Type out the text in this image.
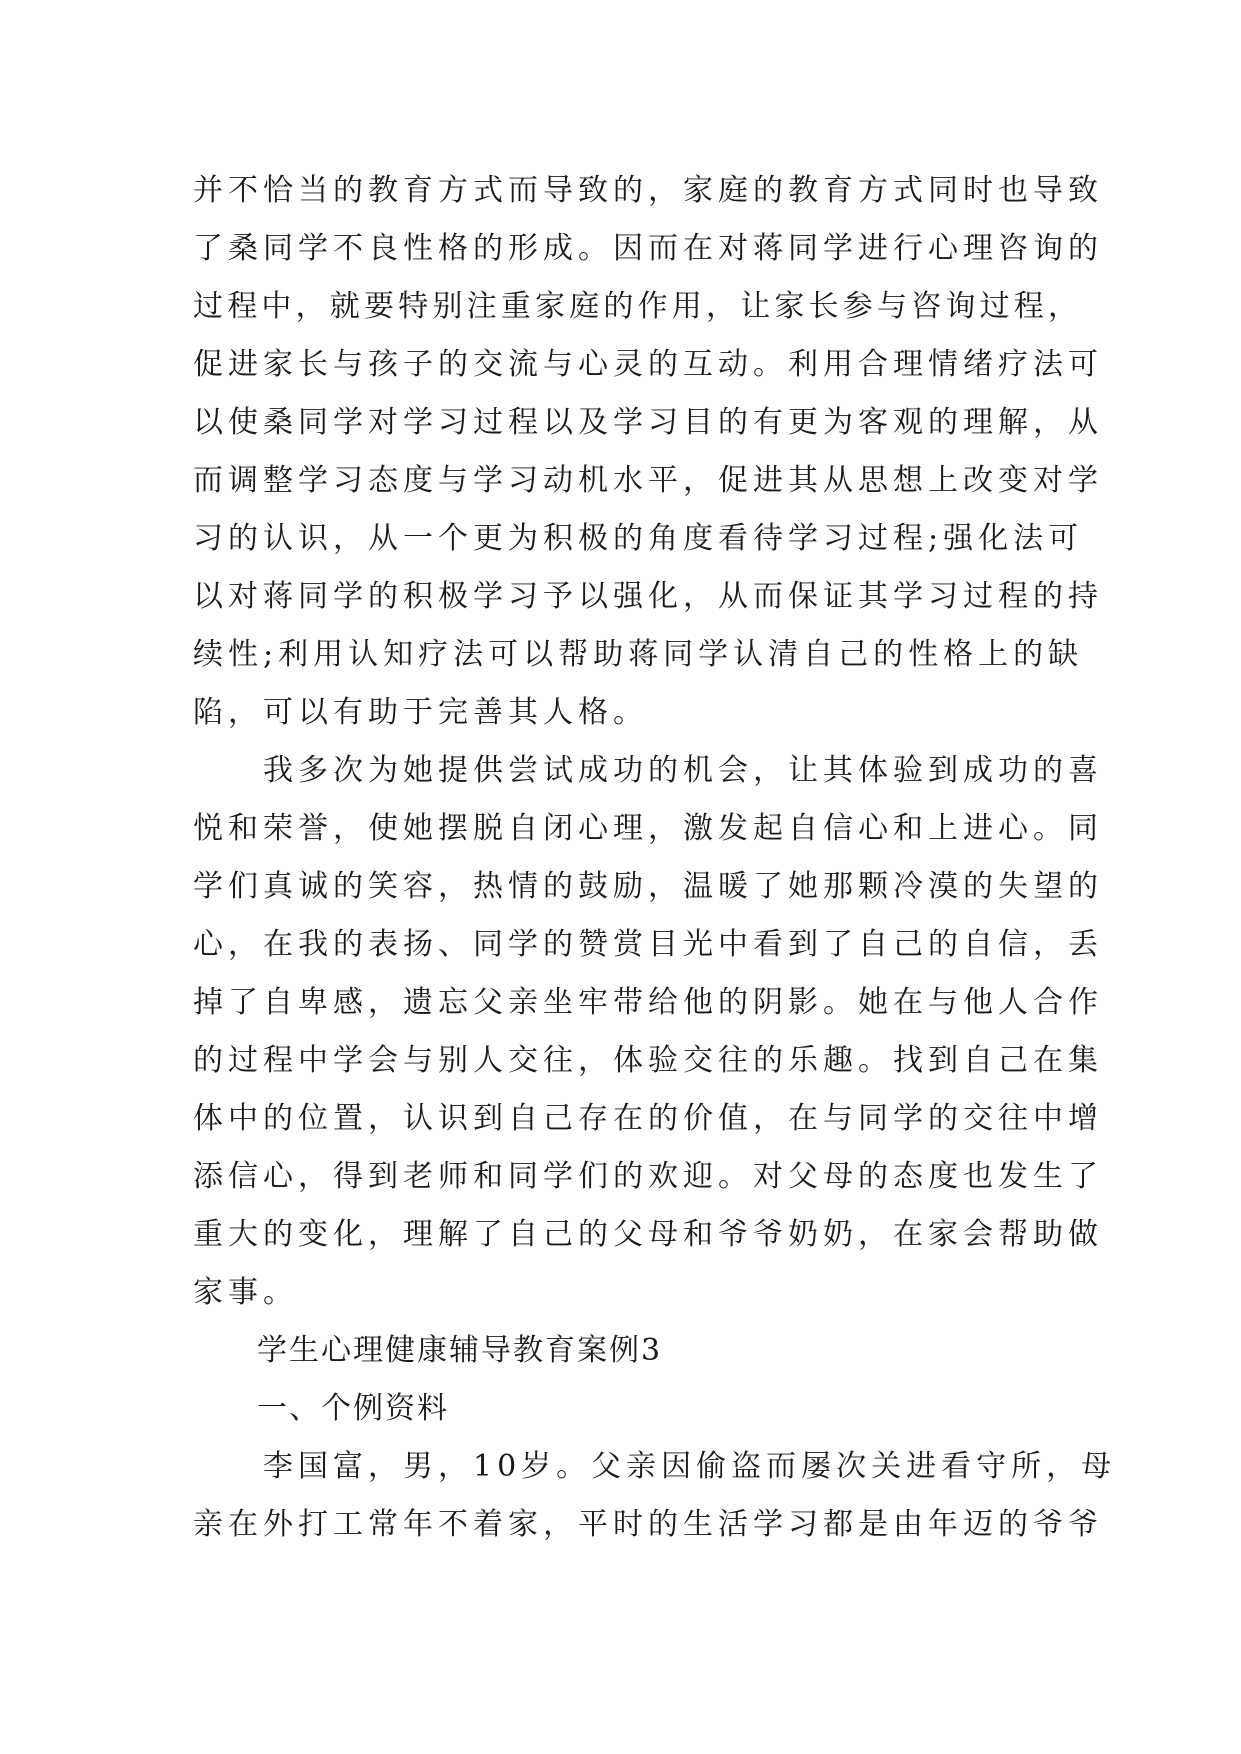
并不恰当的教育方式而导致的，家庭的教育方式同时也导致
了桑同学不良性格的形成。因而在对蒋同学进行心理咨询的
过程中，就要特别注重家庭的作用，让家长参与咨询过程，
促进家长与孩子的交流与心灵的互动。利用合理情绪疗法可
以使桑同学对学习过程以及学习目的有更为客观的理解，从
而调整学习态度与学习动机水平，促进其从思想上改变对学
习的认识，从一个更为积极的角度看待学习过程;强化法可
以对蒋同学的积极学习予以强化，从而保证其学习过程的持
续性;利用认知疗法可以帮助蒋同学认清自己的性格上的缺
陷，可以有助于完善其人格。
　　我多次为她提供尝试成功的机会，让其体验到成功的喜
悦和荣誉，使她摆脱自闭心理，激发起自信心和上进心。同
学们真诚的笑容，热情的鼓励，温暖了她那颗冷漠的失望的
心，在我的表扬、同学的赞赏目光中看到了自己的自信，丢
掉了自卑感，遗忘父亲坐牢带给他的阴影。她在与他人合作
的过程中学会与别人交往，体验交往的乐趣。找到自己在集
体中的位置，认识到自己存在的价值，在与同学的交往中增
添信心，得到老师和同学们的欢迎。对父母的态度也发生了
重大的变化，理解了自己的父母和爷爷奶奶，在家会帮助做
家事。
　　学生心理健康辅导教育案例3
　　一、个例资料
　　李国富，男，10岁。父亲因偷盗而屡次关进看守所，母
亲在外打工常年不着家，平时的生活学习都是由年迈的爷爷
